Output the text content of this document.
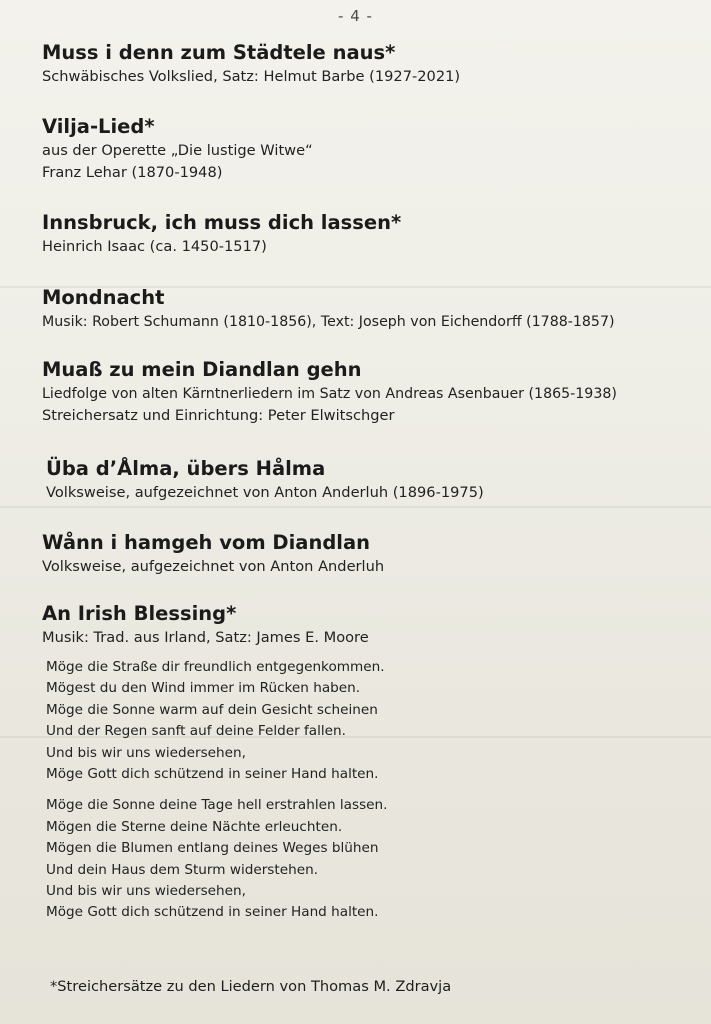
- 4 -
Muss i denn zum Städtele naus*
Schwäbisches Volkslied, Satz: Helmut Barbe (1927-2021)
Vilja-Lied*
aus der Operette „Die lustige Witwe“
Franz Lehar (1870-1948)
Innsbruck, ich muss dich lassen*
Heinrich Isaac (ca. 1450-1517)
Mondnacht
Musik: Robert Schumann (1810-1856), Text: Joseph von Eichendorff (1788-1857)
Muaß zu mein Diandlan gehn
Liedfolge von alten Kärntnerliedern im Satz von Andreas Asenbauer (1865-1938)
Streichersatz und Einrichtung: Peter Elwitschger
Üba d’Ålma, übers Hålma
Volksweise, aufgezeichnet von Anton Anderluh (1896-1975)
Wånn i hamgeh vom Diandlan
Volksweise, aufgezeichnet von Anton Anderluh
An Irish Blessing*
Musik: Trad. aus Irland, Satz: James E. Moore
Möge die Straße dir freundlich entgegenkommen.
Mögest du den Wind immer im Rücken haben.
Möge die Sonne warm auf dein Gesicht scheinen
Und der Regen sanft auf deine Felder fallen.
Und bis wir uns wiedersehen,
Möge Gott dich schützend in seiner Hand halten.
Möge die Sonne deine Tage hell erstrahlen lassen.
Mögen die Sterne deine Nächte erleuchten.
Mögen die Blumen entlang deines Weges blühen
Und dein Haus dem Sturm widerstehen.
Und bis wir uns wiedersehen,
Möge Gott dich schützend in seiner Hand halten.
*Streichersätze zu den Liedern von Thomas M. Zdravja
